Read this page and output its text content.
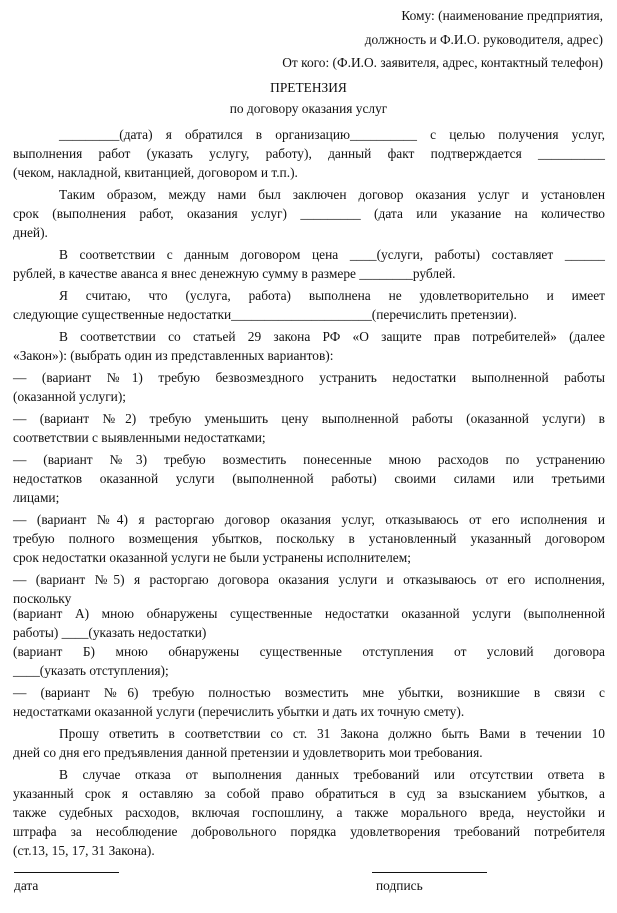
Кому: (наименование предприятия,
должность и Ф.И.О. руководителя, адрес)
От кого: (Ф.И.О. заявителя, адрес, контактный телефон)
ПРЕТЕНЗИЯ
по договору оказания услуг
_________(дата) я обратился в организацию__________ с целью получения услуг,
выполнения работ (указать услугу, работу), данный факт подтверждается __________
(чеком, накладной, квитанцией, договором и т.п.).
Таким образом, между нами был заключен договор оказания услуг и установлен
срок (выполнения работ, оказания услуг) _________ (дата или указание на количество
дней).
В соответствии с данным договором цена ____(услуги, работы) составляет ______
рублей, в качестве аванса я внес денежную сумму в размере ________рублей.
Я считаю, что (услуга, работа) выполнена не удовлетворительно и имеет
следующие существенные недостатки_____________________(перечислить претензии).
В соответствии со статьей 29 закона РФ «О защите прав потребителей» (далее
«Закон»): (выбрать один из представленных вариантов):
— (вариант №1) требую безвозмездного устранить недостатки выполненной работы
(оказанной услуги);
— (вариант №2) требую уменьшить цену выполненной работы (оказанной услуги) в
соответствии с выявленными недостатками;
— (вариант №3) требую возместить понесенные мною расходов по устранению
недостатков оказанной услуги (выполненной работы) своими силами или третьими
лицами;
— (вариант №4) я расторгаю договор оказания услуг, отказываюсь от его исполнения и
требую полного возмещения убытков, поскольку в установленный указанный договором
срок недостатки оказанной услуги не были устранены исполнителем;
— (вариант №5) я расторгаю договора оказания услуги и отказываюсь от его исполнения,
поскольку
(вариант А) мною обнаружены существенные недостатки оказанной услуги (выполненной
работы) ____(указать недостатки)
(вариант Б) мною обнаружены существенные отступления от условий договора
____(указать отступления);
— (вариант №6) требую полностью возместить мне убытки, возникшие в связи с
недостатками оказанной услуги (перечислить убытки и дать их точную смету).
Прошу ответить в соответствии со ст. 31 Закона должно быть Вами в течении 10
дней со дня его предъявления данной претензии и удовлетворить мои требования.
В случае отказа от выполнения данных требований или отсутствии ответа в
указанный срок я оставляю за собой право обратиться в суд за взысканием убытков, а
также судебных расходов, включая госпошлину, а также морального вреда, неустойки и
штрафа за несоблюдение добровольного порядка удовлетворения требований потребителя
(ст.13, 15, 17, 31 Закона).
дата	подпись
